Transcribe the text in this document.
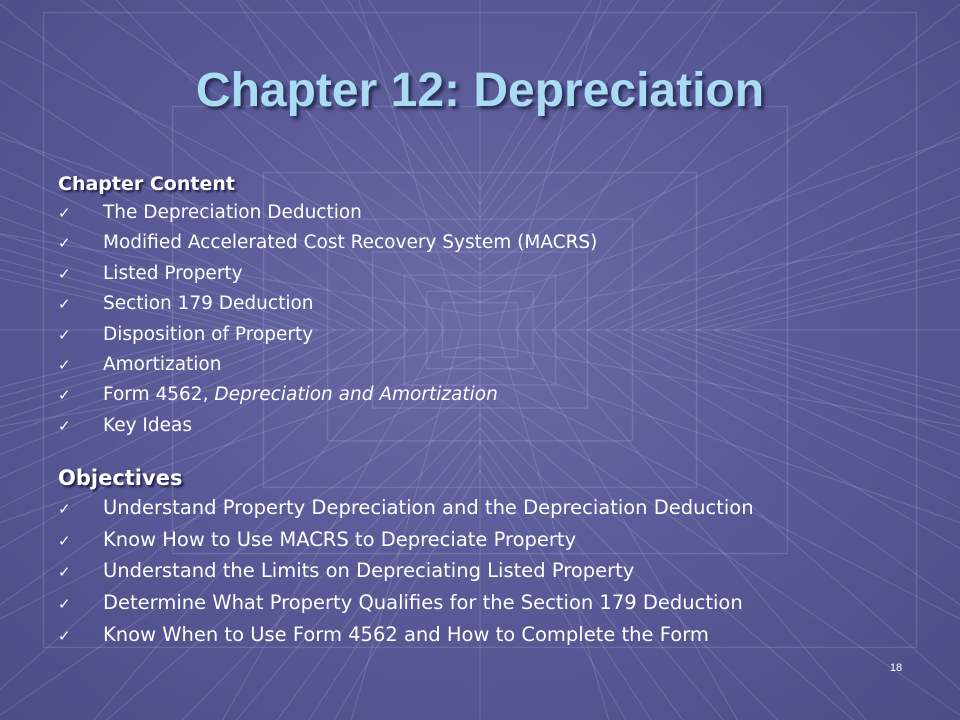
Chapter 12: Depreciation
Chapter Content
✓	The Depreciation Deduction
✓	Modified Accelerated Cost Recovery System (MACRS)
✓	Listed Property
✓	Section 179 Deduction
✓	Disposition of Property
✓	Amortization
✓	Form 4562, Depreciation and Amortization
✓	Key Ideas
Objectives
✓	Understand Property Depreciation and the Depreciation Deduction
✓	Know How to Use MACRS to Depreciate Property
✓	Understand the Limits on Depreciating Listed Property
✓	Determine What Property Qualifies for the Section 179 Deduction
✓	Know When to Use Form 4562 and How to Complete the Form
18
